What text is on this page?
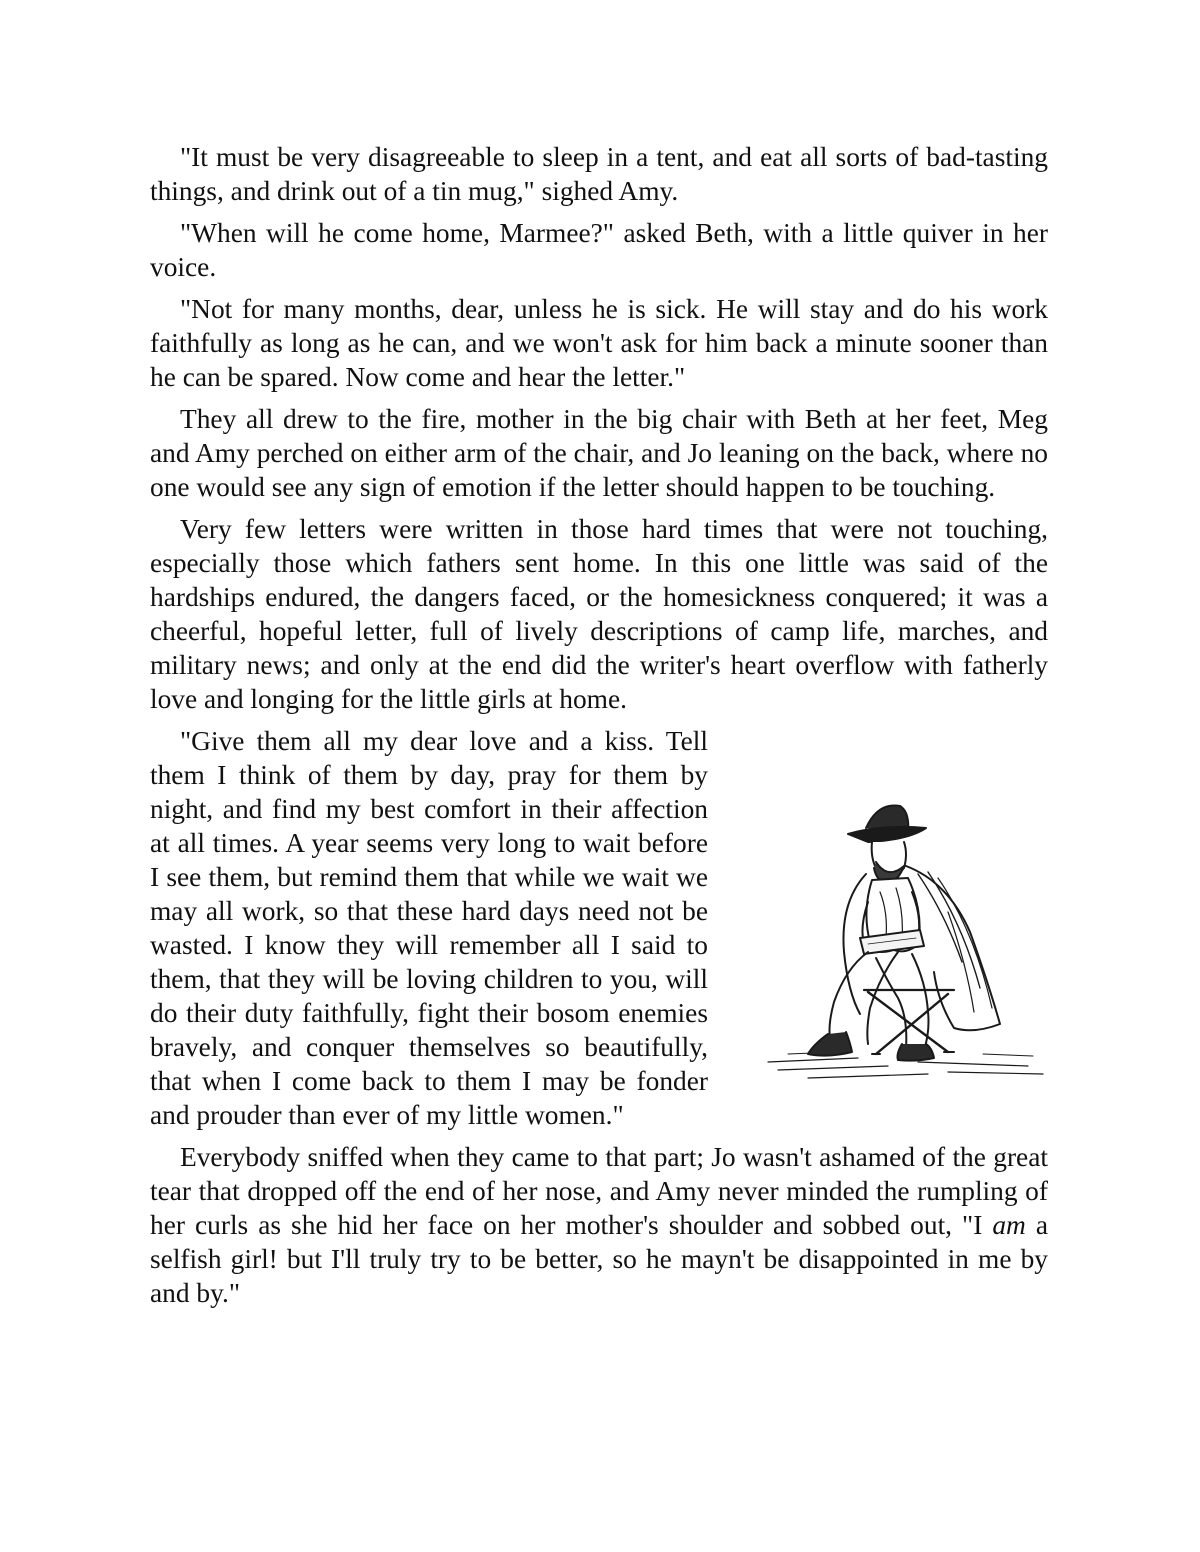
"It must be very disagreeable to sleep in a tent, and eat all sorts of bad-tasting things, and drink out of a tin mug," sighed Amy.

"When will he come home, Marmee?" asked Beth, with a little quiver in her voice.

"Not for many months, dear, unless he is sick. He will stay and do his work faithfully as long as he can, and we won't ask for him back a minute sooner than he can be spared. Now come and hear the letter."

They all drew to the fire, mother in the big chair with Beth at her feet, Meg and Amy perched on either arm of the chair, and Jo leaning on the back, where no one would see any sign of emotion if the letter should happen to be touching.

Very few letters were written in those hard times that were not touching, especially those which fathers sent home. In this one little was said of the hardships endured, the dangers faced, or the homesickness conquered; it was a cheerful, hopeful letter, full of lively descriptions of camp life, marches, and military news; and only at the end did the writer's heart overflow with fatherly love and longing for the little girls at home.

"Give them all my dear love and a kiss. Tell them I think of them by day, pray for them by night, and find my best comfort in their affection at all times. A year seems very long to wait before I see them, but remind them that while we wait we may all work, so that these hard days need not be wasted. I know they will remember all I said to them, that they will be loving children to you, will do their duty faithfully, fight their bosom enemies bravely, and conquer themselves so beautifully, that when I come back to them I may be fonder and prouder than ever of my little women."

Everybody sniffed when they came to that part; Jo wasn't ashamed of the great tear that dropped off the end of her nose, and Amy never minded the rumpling of her curls as she hid her face on her mother's shoulder and sobbed out, "I am a selfish girl! but I'll truly try to be better, so he mayn't be disappointed in me by and by."
